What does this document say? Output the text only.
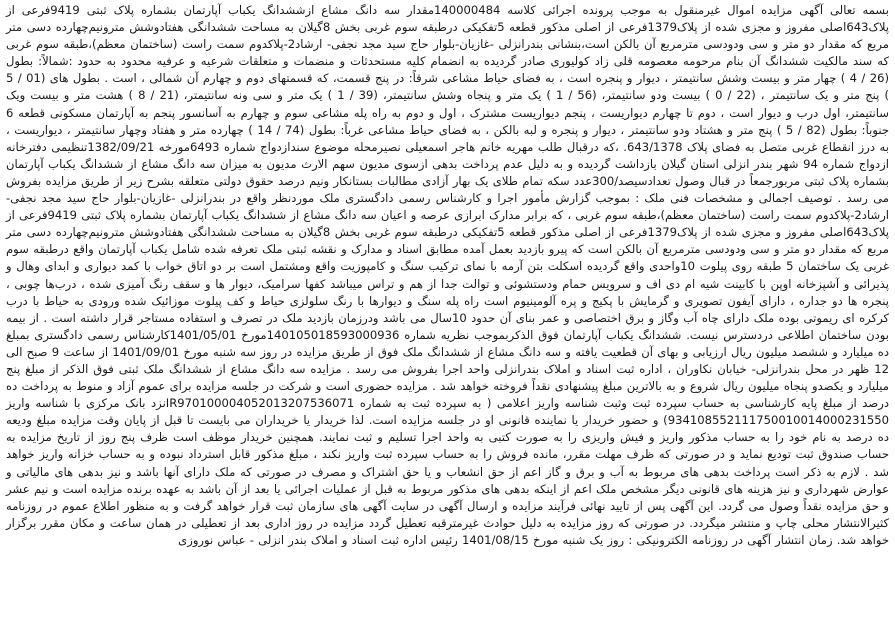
بسمه تعالی آگهی مزایده اموال غیرمنقول به موجب پرونده اجرائی کلاسه 140000484مقدار سه دانگ مشاع ازششدانگ یکباب آپارتمان بشماره پلاک ثبتی 9419فرعی از پلاک643اصلی مفروز و مجزی شده از پلاک1379فرعی از اصلی مذکور قطعه 5تفکیکی درطبقه سوم غربی بخش 8گیلان به مساحت ششدانگی هفتادوشش مترونیم‌چهارده دسی متر مربع که مقدار دو متر و سی ودودسی مترمربع آن بالکن است،بنشانی بندرانزلی -غازیان-بلوار حاج سید مجد نجفی- ارشاد2-پلاکدوم سمت راست (ساختمان معظم)،طبقه سوم غربی که سند مالکیت ششدانگ آن بنام مرحومه معصومه قلی زاد کولیوری صادر گردیده به انضمام کلیه مستحدثات و منضمات و متعلقات شرعیه و عرفیه محدود به حدود :شمالاً: بطول (26 / 4 ) چهار متر و بیست وشش سانتیمتر ، دیوار و پنجره است ، به فضای حیاط مشاعی شرقاً: در پنج قسمت، که قسمتهای دوم و چهارم آن شمالی ، است . بطول های (01 / 5 ) پنج متر و یک سانتیمتر ، (22 / 0 ) بیست ودو سانتیمتر، (56 / 1 ) یک متر و پنجاه وشش سانتیمتر، (39 / 1 ) یک متر و سی ونه سانتیمتر، (21 / 8 ) هشت متر و بیست ویک سانتیمتر، اول درب و دیوار است ، دوم تا چهارم دیواریست ، پنجم دیواریست مشترک ، اول و دوم به راه پله مشاعی سوم و چهارم به آسانسور پنجم به آپارتمان مسکونی قطعه 6 جنوباً: بطول (82 / 5 ) پنج متر و هشتاد ودو سانتیمتر ، دیوار و پنجره و لبه بالکن ، به فضای حیاط مشاعی غرباً: بطول (74 / 14 ) چهارده متر و هفتاد وچهار سانتیمتر ، دیواریست ، به درز انقطاع غربی متصل به فضای پلاک 643/1378. ،که درقبال طلب مهریه خانم هاجر اسمعیلی نصیرمحله موضوع سندازدواج شماره 6493مورخه 1382/09/21تنظیمی دفترخانه ازدواج شماره 94 شهر بندر انزلی استان گیلان بازداشت گردیده و به دلیل عدم پرداخت بدهی ازسوی مدیون سهم الارث مدیون به میزان سه دانگ مشاع از ششدانگ یکباب آپارتمان بشماره پلاک ثبتی مربورجمعاً در قبال وصول تعدادسیصد/300عدد سکه تمام طلای یک بهار آزادی مطالبات بستانکار ونیم درصد حقوق دولتی متعلقه بشرح زیر از طریق مزایده بفروش می رسد . توصیف اجمالی و مشخصات فنی ملک : بموجب گزارش مأمور اجرا و کارشناس رسمی دادگستری ملک موردنظر واقع در بندرانزلی -غازیان-بلوار حاج سید مجد نجفی- ارشاد2-پلاکدوم سمت راست (ساختمان معظم)،طبقه سوم غربی ، که برابر مدارک ابرازی عرصه و اعیان سه دانگ مشاع از ششدانگ یکباب آپارتمان بشماره پلاک ثبتی 9419فرعی از پلاک643اصلی مفروز و مجزی شده از پلاک1379فرعی از اصلی مذکور قطعه 5تفکیکی درطبقه سوم غربی بخش 8گیلان به مساحت ششدانگی هفتادوشش مترونیم‌چهارده دسی متر مربع که مقدار دو متر و سی ودودسی مترمربع آن بالکن است که پیرو بازدید بعمل آمده مطابق اسناد و مدارک و نقشه ثبتی ملک تعرفه شده شامل یکباب آپارتمان واقع درطبقه سوم غربی یک ساختمان 5 طبقه روی پیلوت 10واحدی واقع گردیده اسکلت بتن آرمه با نمای ترکیب سنگ و کامپوزیت واقع ومشتمل است بر دو اتاق خواب با کمد دیواری و ابدای وهال و پذیرائی و آشپزخانه اوپن با کابینت شیه ام دی اف و سرویس حمام ودستشوئی و توالت جدا از هم و تراس میباشد کفها سرامیک، دیوار ها و سقف رنگ آمیزی شده ، درب‌ها چوبی ، پنجره ها دو جداره ، دارای آیفون تصویری و گرمایش با پکیج و پره آلومینیوم است راه پله سنگ و دیوارها با رنگ سلولزی حیاط و کف پیلوت موزائیک شده ورودی به حیاط با درب کرکره ای ریموتی بوده ملک دارای چاه آب وگاز و برق اختصاصی و عمر بنای آن حدود 10سال می باشد ودرزمان بازدید ملک در تصرف و استفاده مستاجر قرار داشته است . از بیمه بودن ساختمان اطلاعی دردسترس نیست. ششدانگ یکباب آپارتمان فوق الذکربموجب نظریه شماره 140105018593000936مورخ 1401/05/01کارشناس رسمی دادگستری بمبلغ ده میلیارد و ششصد میلیون ریال ارزیابی و بهای آن قطعیت یافته و سه دانگ مشاع از ششدانگ ملک فوق از طریق مزایده در روز سه شنبه مورخ 1401/09/01 از ساعت 9 صبح الی 12 ظهر در محل بندرانزلی- خیابان نکاوران ، اداره ثبت اسناد و املاک بندرانزلی واحد اجرا بفروش می رسد . مزایده سه دانگ مشاع از ششدانگ ملک ثبتی فوق الذکر از مبلغ پنج میلیارد و یکصدو پنجاه میلیون ریال شروع و به بالاترین مبلغ پیشنهادی نقداً فروخته خواهد شد . مزایده حضوری است و شرکت در جلسه مزایده برای عموم آزاد و منوط به پرداخت ده درصد از مبلغ پایه کارشناسی به حساب سپرده ثبت وثبت شناسه واریز اعلامی ( به سپرده ثبت به شماره IR970100004052013207536071نزد بانک مرکزی با شناسه واریز 934108552111750010014000231550) و حضور خریدار یا نماینده قانونی او در جلسه مزایده است. لذا خریدار یا خریداران می بایست تا قبل از پایان وقت مزایده مبلغ ودیعه ده درصد به نام خود را به حساب مذکور واریز و فیش واریزی را به صورت کتبی به واحد اجرا تسلیم و ثبت نمایند. همچنین خریدار موظف است ظرف پنج روز از تاریخ مزایده به حساب صندوق ثبت تودیع نماید و در صورتی که ظرف مهلت مقرر، مانده فروش را به حساب سپرده ثبت واریز نکند ، مبلغ مذکور قابل استرداد نبوده و به حساب خزانه واریز خواهد شد . لازم به ذکر است پرداخت بدهی های مربوط به آب و برق و گاز اعم از حق انشعاب و یا حق اشتراک و مصرف در صورتی که ملک دارای آنها باشد و نیز بدهی های مالیاتی و عوارض شهرداری و نیز هزینه های قانونی دیگر مشخص ملک اعم از اینکه بدهی های مذکور مربوط به قبل از عملیات اجرائی یا بعد از آن باشد به عهده برنده مزایده است و نیم عشر و حق مزایده نقداً وصول می گردد. این آگهی پس از تایید نهائی فرآیند مزایده و ارسال آگهی در سایت آگهی های سازمان ثبت قرار خواهد گرفت و به منظور اطلاع عموم در روزنامه کثیرالانتشار محلی چاپ و منتشر میگردد. در صورتی که روز مزایده به دلیل حوادث غیرمترقبه تعطیل گردد مزایده در روز اداری بعد از تعطیلی در همان ساعت و مکان مقرر برگزار خواهد شد. زمان انتشار آگهی در روزنامه الکترونیکی : روز یک شنبه مورخ 1401/08/15 رئیس اداره ثبت اسناد و املاک بندر انزلی - عباس نوروزی
